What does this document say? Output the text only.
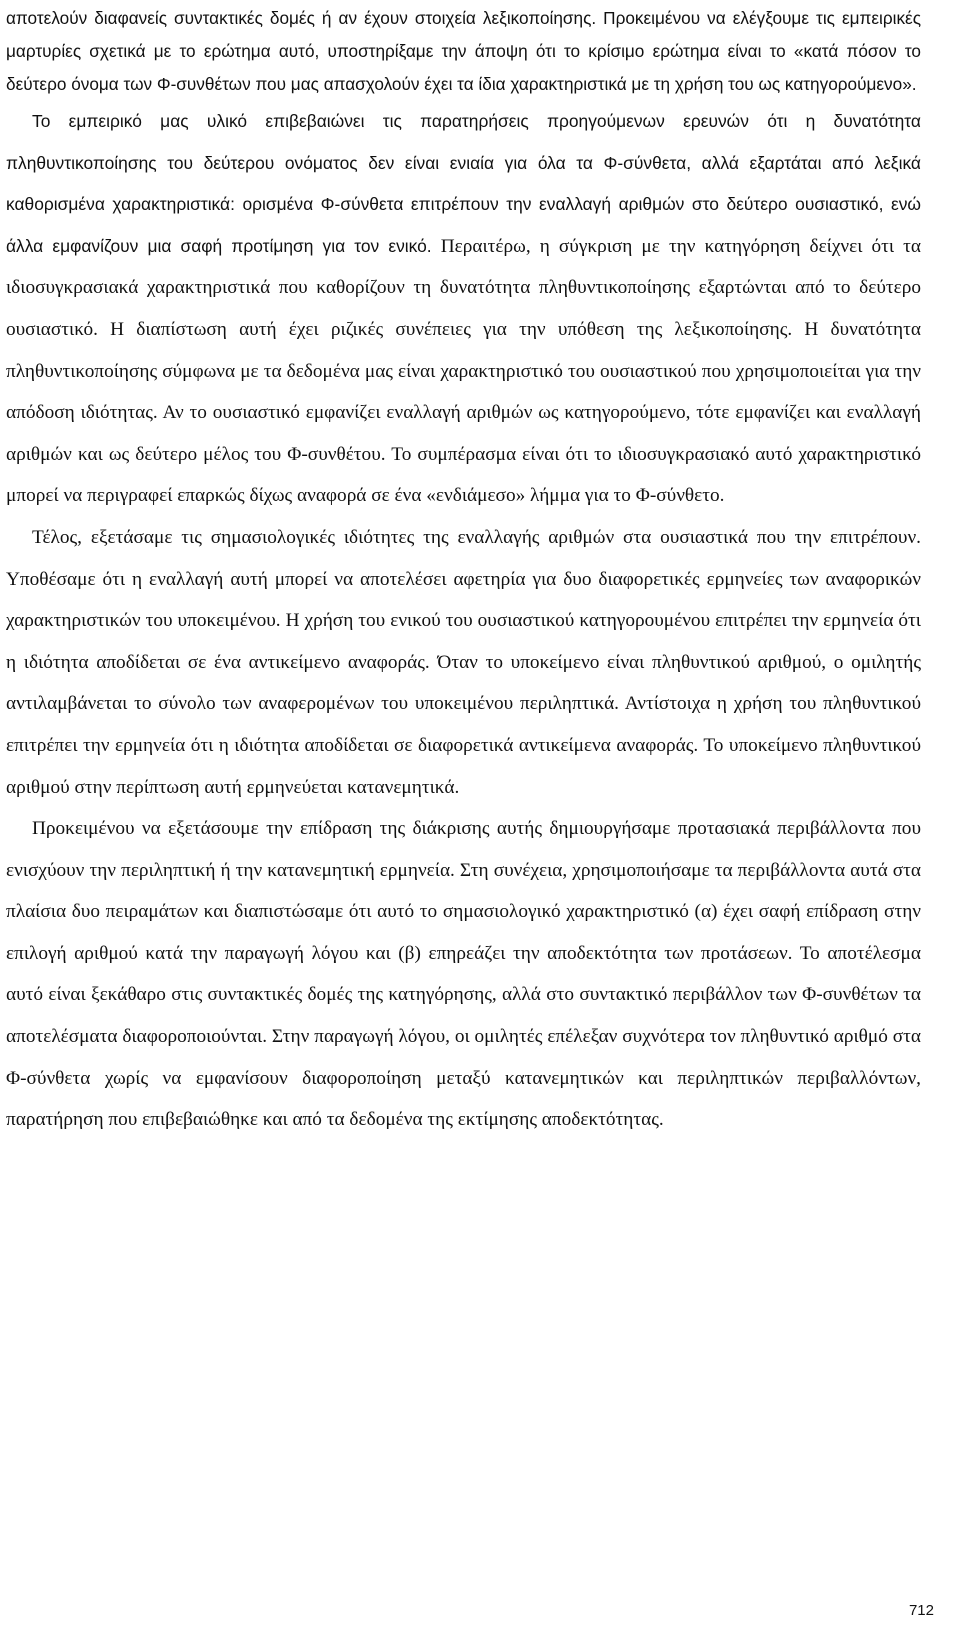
αποτελούν διαφανείς συντακτικές δομές ή αν έχουν στοιχεία λεξικοποίησης. Προκειμένου να ελέγξουμε τις εμπειρικές μαρτυρίες σχετικά με το ερώτημα αυτό, υποστηρίξαμε την άποψη ότι το κρίσιμο ερώτημα είναι το «κατά πόσον το δεύτερο όνομα των Φ-συνθέτων που μας απασχολούν έχει τα ίδια χαρακτηριστικά με τη χρήση του ως κατηγορούμενο».

Το εμπειρικό μας υλικό επιβεβαιώνει τις παρατηρήσεις προηγούμενων ερευνών ότι η δυνατότητα πληθυντικοποίησης του δεύτερου ονόματος δεν είναι ενιαία για όλα τα Φ-σύνθετα, αλλά εξαρτάται από λεξικά καθορισμένα χαρακτηριστικά: ορισμένα Φ-σύνθετα επιτρέπουν την εναλλαγή αριθμών στο δεύτερο ουσιαστικό, ενώ άλλα εμφανίζουν μια σαφή προτίμηση για τον ενικό. Περαιτέρω, η σύγκριση με την κατηγόρηση δείχνει ότι τα ιδιοσυγκρασιακά χαρακτηριστικά που καθορίζουν τη δυνατότητα πληθυντικοποίησης εξαρτώνται από το δεύτερο ουσιαστικό. Η διαπίστωση αυτή έχει ριζικές συνέπειες για την υπόθεση της λεξικοποίησης. Η δυνατότητα πληθυντικοποίησης σύμφωνα με τα δεδομένα μας είναι χαρακτηριστικό του ουσιαστικού που χρησιμοποιείται για την απόδοση ιδιότητας. Αν το ουσιαστικό εμφανίζει εναλλαγή αριθμών ως κατηγορούμενο, τότε εμφανίζει και εναλλαγή αριθμών και ως δεύτερο μέλος του Φ-συνθέτου. Το συμπέρασμα είναι ότι το ιδιοσυγκρασιακό αυτό χαρακτηριστικό μπορεί να περιγραφεί επαρκώς δίχως αναφορά σε ένα «ενδιάμεσο» λήμμα για το Φ-σύνθετο.

Τέλος, εξετάσαμε τις σημασιολογικές ιδιότητες της εναλλαγής αριθμών στα ουσιαστικά που την επιτρέπουν. Υποθέσαμε ότι η εναλλαγή αυτή μπορεί να αποτελέσει αφετηρία για δυο διαφορετικές ερμηνείες των αναφορικών χαρακτηριστικών του υποκειμένου. Η χρήση του ενικού του ουσιαστικού κατηγορουμένου επιτρέπει την ερμηνεία ότι η ιδιότητα αποδίδεται σε ένα αντικείμενο αναφοράς. Όταν το υποκείμενο είναι πληθυντικού αριθμού, ο ομιλητής αντιλαμβάνεται το σύνολο των αναφερομένων του υποκειμένου περιληπτικά. Αντίστοιχα η χρήση του πληθυντικού επιτρέπει την ερμηνεία ότι η ιδιότητα αποδίδεται σε διαφορετικά αντικείμενα αναφοράς. Το υποκείμενο πληθυντικού αριθμού στην περίπτωση αυτή ερμηνεύεται κατανεμητικά.

Προκειμένου να εξετάσουμε την επίδραση της διάκρισης αυτής δημιουργήσαμε προτασιακά περιβάλλοντα που ενισχύουν την περιληπτική ή την κατανεμητική ερμηνεία. Στη συνέχεια, χρησιμοποιήσαμε τα περιβάλλοντα αυτά στα πλαίσια δυο πειραμάτων και διαπιστώσαμε ότι αυτό το σημασιολογικό χαρακτηριστικό (α) έχει σαφή επίδραση στην επιλογή αριθμού κατά την παραγωγή λόγου και (β) επηρεάζει την αποδεκτότητα των προτάσεων. Το αποτέλεσμα αυτό είναι ξεκάθαρο στις συντακτικές δομές της κατηγόρησης, αλλά στο συντακτικό περιβάλλον των Φ-συνθέτων τα αποτελέσματα διαφοροποιούνται. Στην παραγωγή λόγου, οι ομιλητές επέλεξαν συχνότερα τον πληθυντικό αριθμό στα Φ-σύνθετα χωρίς να εμφανίσουν διαφοροποίηση μεταξύ κατανεμητικών και περιληπτικών περιβαλλόντων, παρατήρηση που επιβεβαιώθηκε και από τα δεδομένα της εκτίμησης αποδεκτότητας.

712
